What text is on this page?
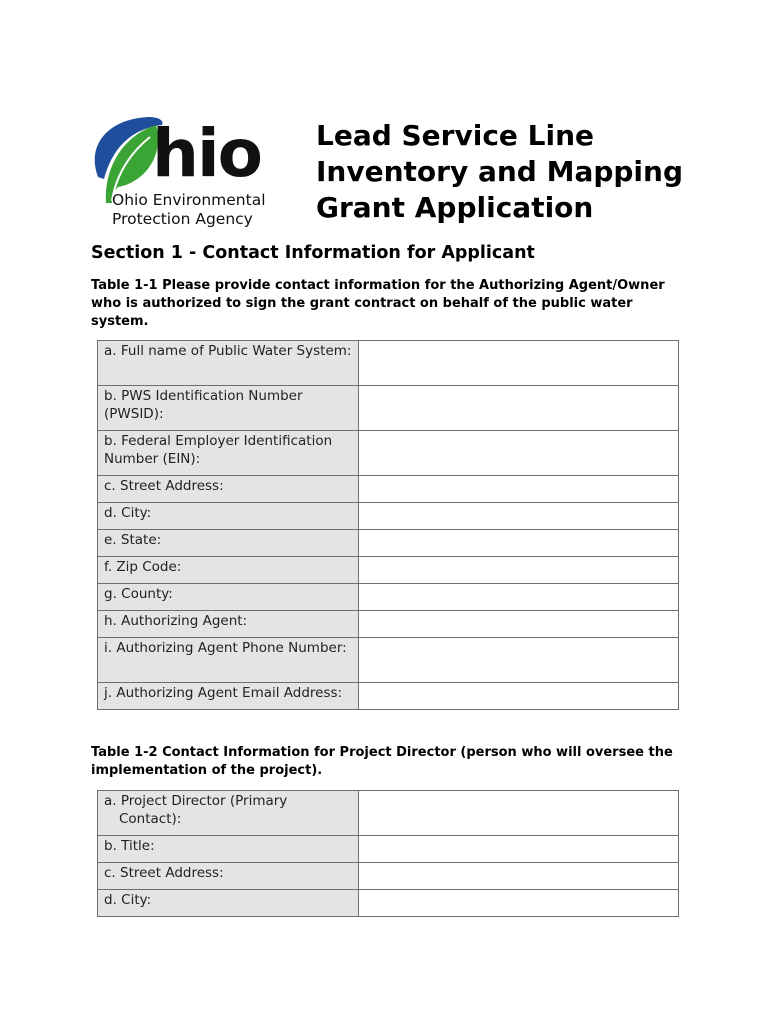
hio
Ohio Environmental
Protection Agency
Lead Service Line
Inventory and Mapping
Grant Application
Section 1 - Contact Information for Applicant

Table 1-1 Please provide contact information for the Authorizing Agent/Owner who is authorized to sign the grant contract on behalf of the public water system.

a. Full name of Public Water System:	
b. PWS Identification Number (PWSID):	
b. Federal Employer Identification Number (EIN):	
c. Street Address:	
d. City:	
e. State:	
f. Zip Code:	
g. County:	
h. Authorizing Agent:	
i. Authorizing Agent Phone Number:	
j. Authorizing Agent Email Address:	

Table 1-2 Contact Information for Project Director (person who will oversee the implementation of the project).

a. Project Director (Primary Contact):	

b. Title:	
c. Street Address:	
d. City:	
